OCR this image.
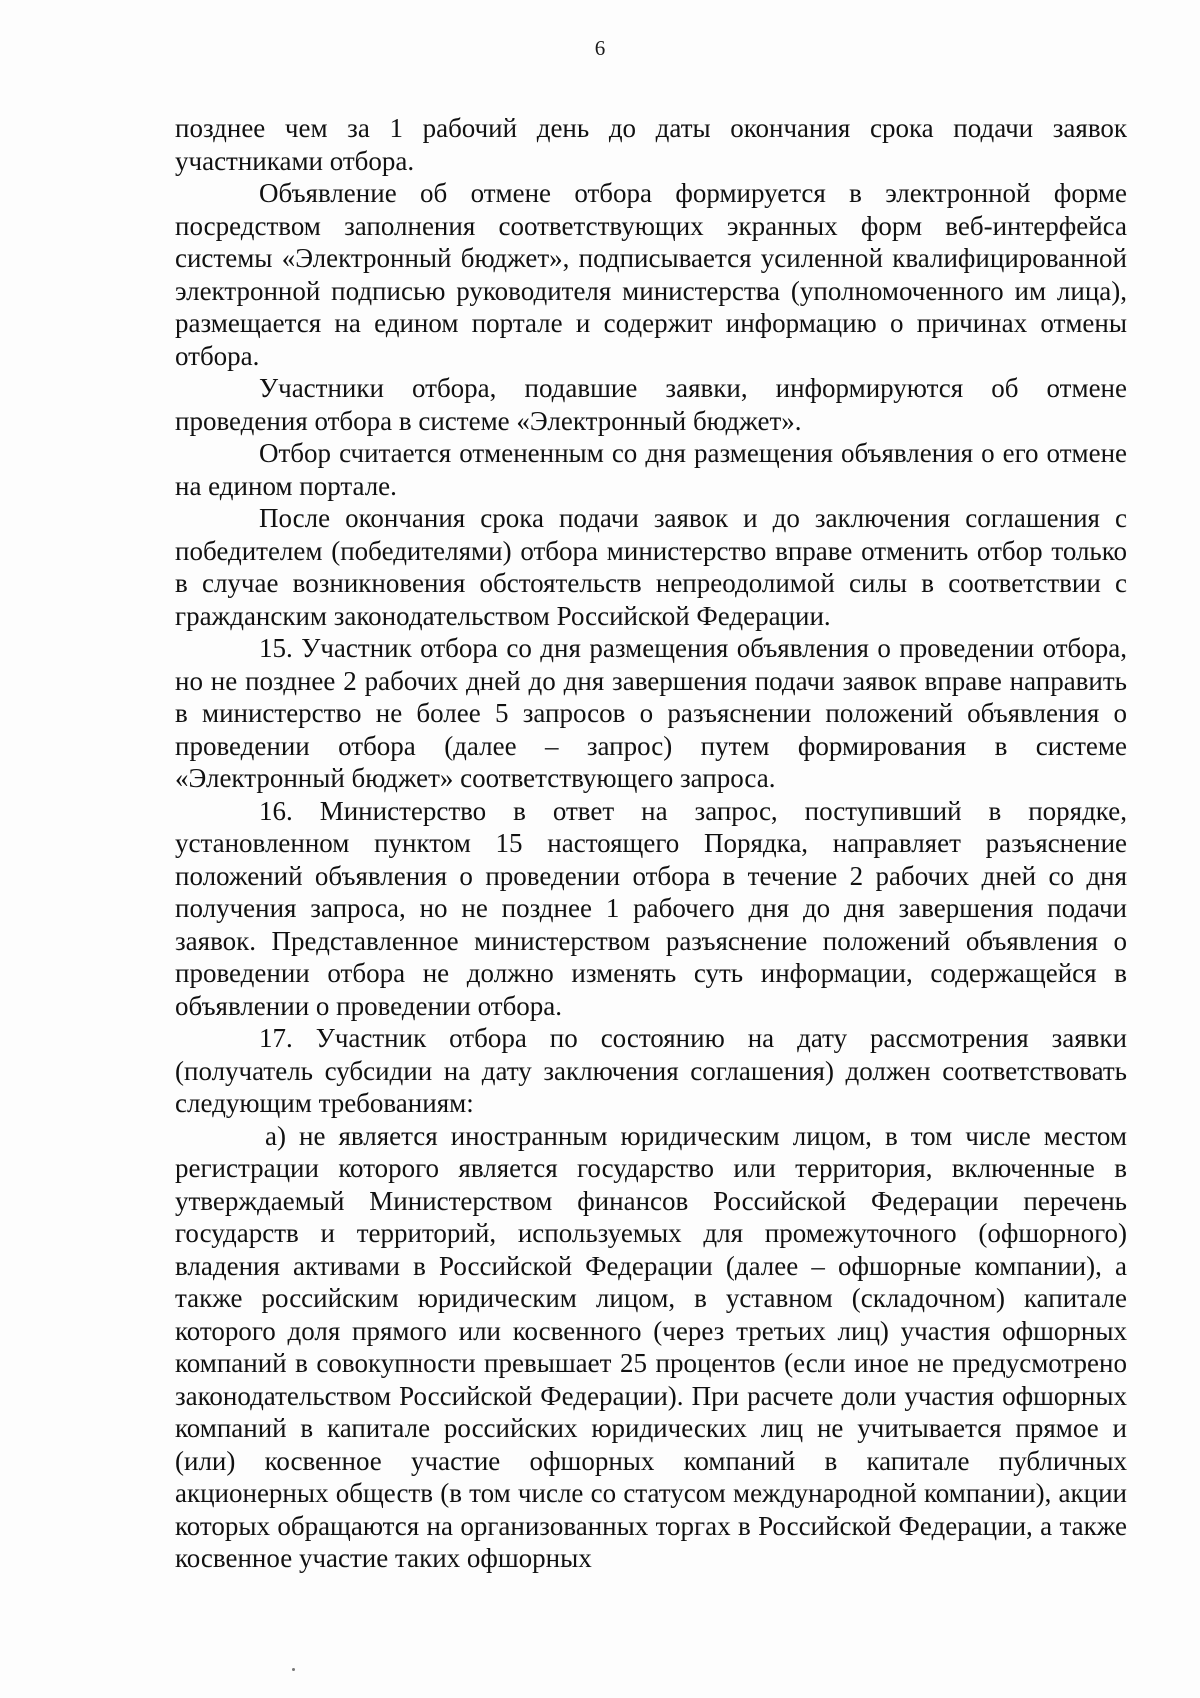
6

позднее чем за 1 рабочий день до даты окончания срока подачи заявок участниками отбора.

Объявление об отмене отбора формируется в электронной форме посредством заполнения соответствующих экранных форм веб-интерфейса системы «Электронный бюджет», подписывается усиленной квалифицированной электронной подписью руководителя министерства (уполномоченного им лица), размещается на едином портале и содержит информацию о причинах отмены отбора.

Участники отбора, подавшие заявки, информируются об отмене проведения отбора в системе «Электронный бюджет».

Отбор считается отмененным со дня размещения объявления о его отмене на едином портале.

После окончания срока подачи заявок и до заключения соглашения с победителем (победителями) отбора министерство вправе отменить отбор только в случае возникновения обстоятельств непреодолимой силы в соответствии с гражданским законодательством Российской Федерации.

15. Участник отбора со дня размещения объявления о проведении отбора, но не позднее 2 рабочих дней до дня завершения подачи заявок вправе направить в министерство не более 5 запросов о разъяснении положений объявления о проведении отбора (далее – запрос) путем формирования в системе «Электронный бюджет» соответствующего запроса.

16. Министерство в ответ на запрос, поступивший в порядке, установленном пунктом 15 настоящего Порядка, направляет разъяснение положений объявления о проведении отбора в течение 2 рабочих дней со дня получения запроса, но не позднее 1 рабочего дня до дня завершения подачи заявок. Представленное министерством разъяснение положений объявления о проведении отбора не должно изменять суть информации, содержащейся в объявлении о проведении отбора.

17. Участник отбора по состоянию на дату рассмотрения заявки (получатель субсидии на дату заключения соглашения) должен соответствовать следующим требованиям:

а) не является иностранным юридическим лицом, в том числе местом регистрации которого является государство или территория, включенные в утверждаемый Министерством финансов Российской Федерации перечень государств и территорий, используемых для промежуточного (офшорного) владения активами в Российской Федерации (далее – офшорные компании), а также российским юридическим лицом, в уставном (складочном) капитале которого доля прямого или косвенного (через третьих лиц) участия офшорных компаний в совокупности превышает 25 процентов (если иное не предусмотрено законодательством Российской Федерации). При расчете доли участия офшорных компаний в капитале российских юридических лиц не учитывается прямое и (или) косвенное участие офшорных компаний в капитале публичных акционерных обществ (в том числе со статусом международной компании), акции которых обращаются на организованных торгах в Российской Федерации, а также косвенное участие таких офшорных
